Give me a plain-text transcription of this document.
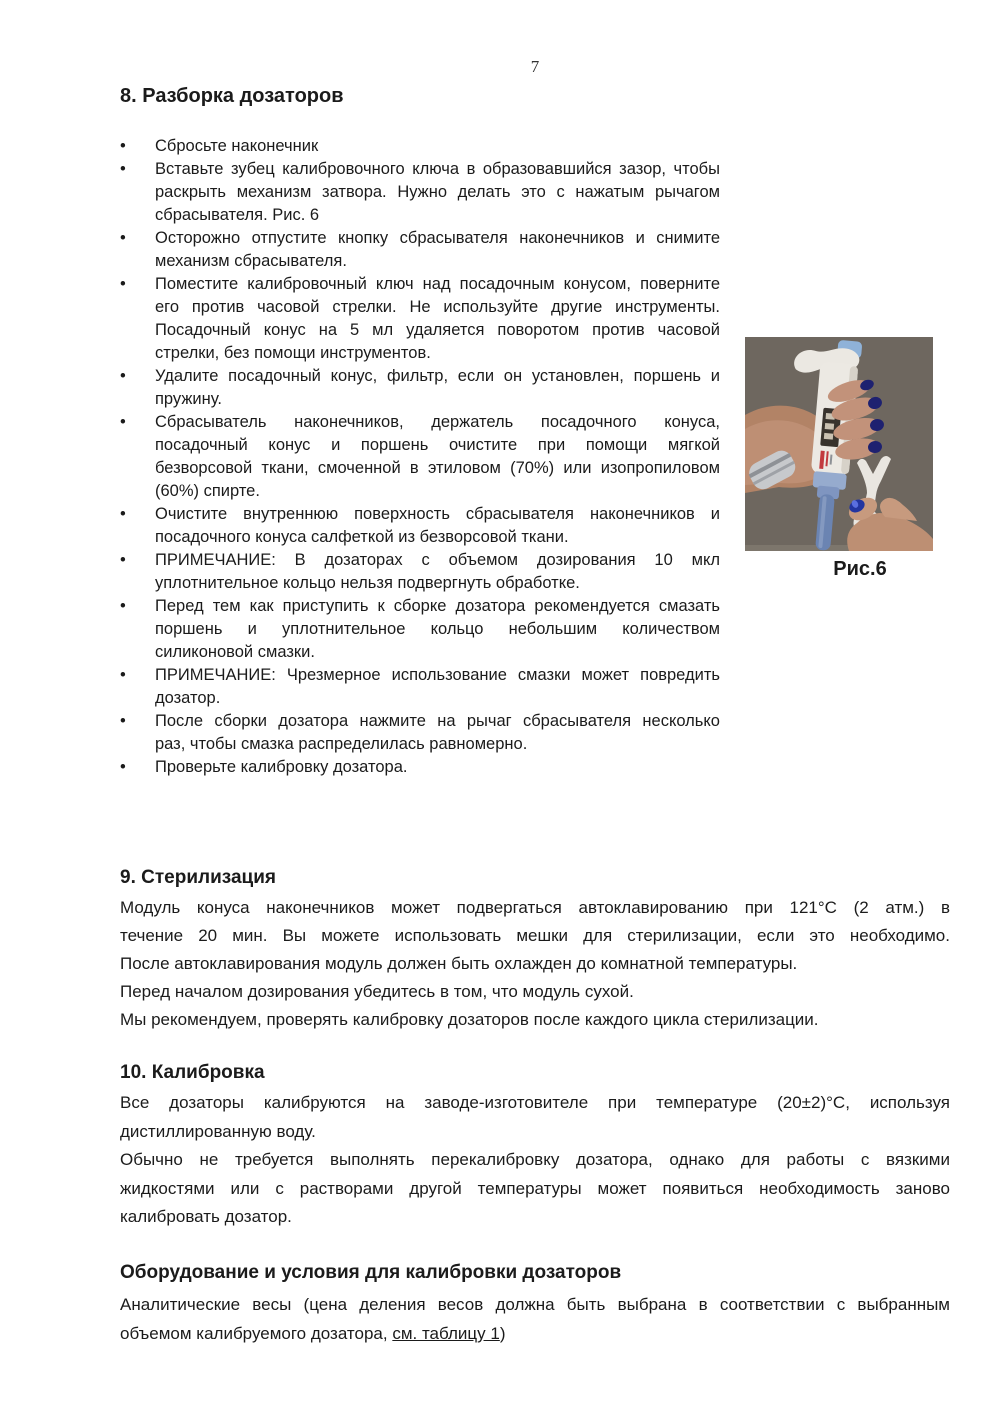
7
8. Разборка дозаторов
•	Сбросьте наконечник
•	Вставьте зубец калибровочного ключа в образовавшийся зазор, чтобы
раскрыть механизм затвора. Нужно делать это с нажатым рычагом
сбрасывателя. Рис. 6
•	Осторожно отпустите кнопку сбрасывателя наконечников и снимите
механизм сбрасывателя.
•	Поместите калибровочный ключ над посадочным конусом, поверните
его против часовой стрелки. Не используйте другие инструменты.
Посадочный конус на 5 мл удаляется поворотом против часовой
стрелки, без помощи инструментов.
•	Удалите посадочный конус, фильтр, если он установлен, поршень и
пружину.
•	Сбрасыватель наконечников, держатель посадочного конуса,
посадочный конус и поршень очистите при помощи мягкой
безворсовой ткани, смоченной в этиловом (70%) или изопропиловом
(60%) спирте.
•	Очистите внутреннюю поверхность сбрасывателя наконечников и
посадочного конуса салфеткой из безворсовой ткани.
•	ПРИМЕЧАНИЕ: В дозаторах с объемом дозирования 10 мкл
уплотнительное кольцо нельзя подвергнуть обработке.
•	Перед тем как приступить к сборке дозатора рекомендуется смазать
поршень и уплотнительное кольцо небольшим количеством
силиконовой смазки.
•	ПРИМЕЧАНИЕ: Чрезмерное использование смазки может повредить
дозатор.
•	После сборки дозатора нажмите на рычаг сбрасывателя несколько
раз, чтобы смазка распределилась равномерно.
•	Проверьте калибровку дозатора.
Рис.6
9. Стерилизация
Модуль конуса наконечников может подвергаться автоклавированию при 121°С (2 атм.) в
течение 20 мин. Вы можете использовать мешки для стерилизации, если это необходимо.
После автоклавирования модуль должен быть охлажден до комнатной температуры.
Перед началом дозирования убедитесь в том, что модуль сухой.
Мы рекомендуем, проверять калибровку дозаторов после каждого цикла стерилизации.
10. Калибровка
Все дозаторы калибруются на заводе-изготовителе при температуре (20±2)°С, используя
дистиллированную воду.
Обычно не требуется выполнять перекалибровку дозатора, однако для работы с вязкими
жидкостями или с растворами другой температуры может появиться необходимость заново
калибровать дозатор.
Оборудование и условия для калибровки дозаторов
Аналитические весы (цена деления весов должна быть выбрана в соответствии с выбранным
объемом калибруемого дозатора, см. таблицу 1)
